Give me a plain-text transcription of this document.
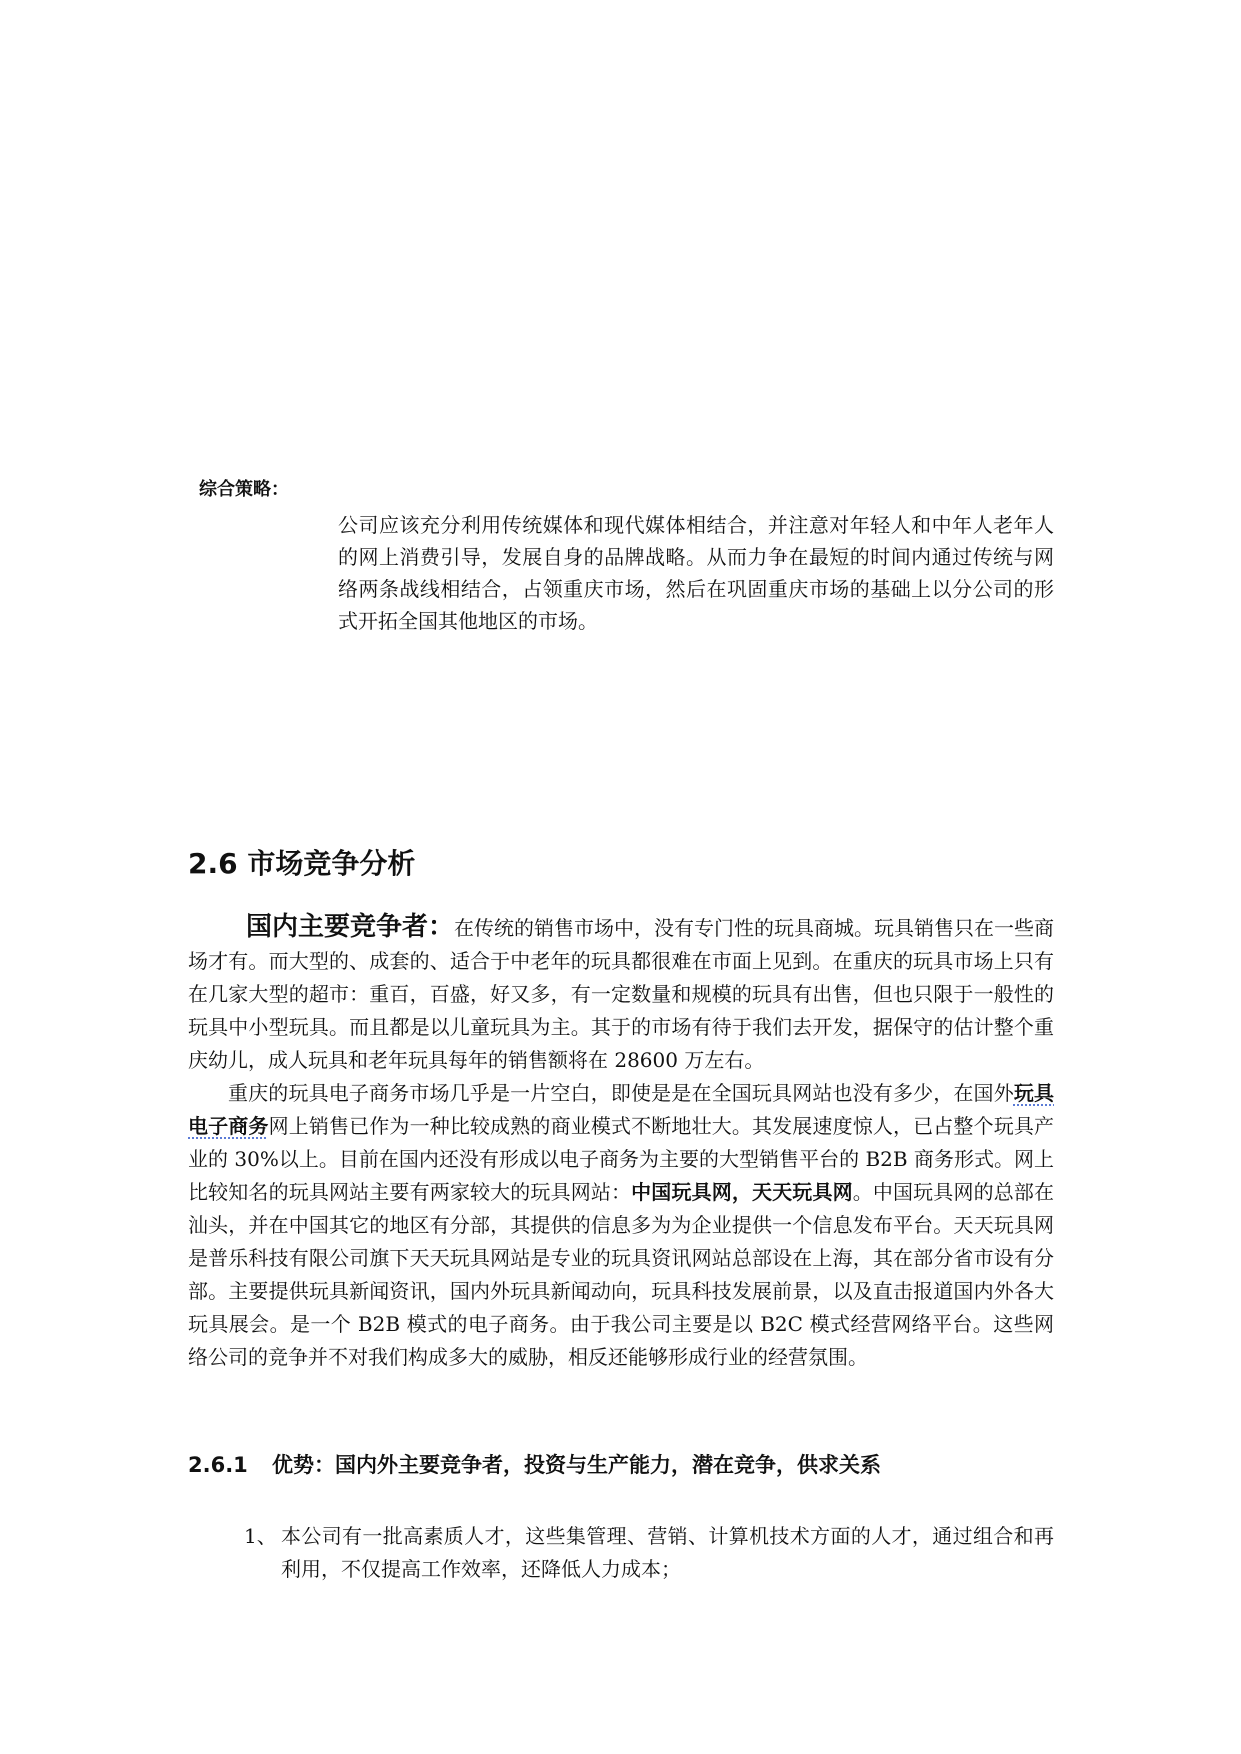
综合策略：
公司应该充分利用传统媒体和现代媒体相结合，并注意对年轻人和中年人老年人的网上消费引导，发展自身的品牌战略。从而力争在最短的时间内通过传统与网络两条战线相结合，占领重庆市场，然后在巩固重庆市场的基础上以分公司的形式开拓全国其他地区的市场。
2.6 市场竞争分析

国内主要竞争者：在传统的销售市场中，没有专门性的玩具商城。玩具销售只在一些商场才有。而大型的、成套的、适合于中老年的玩具都很难在市面上见到。在重庆的玩具市场上只有在几家大型的超市：重百，百盛，好又多，有一定数量和规模的玩具有出售，但也只限于一般性的玩具中小型玩具。而且都是以儿童玩具为主。其于的市场有待于我们去开发，据保守的估计整个重庆幼儿，成人玩具和老年玩具每年的销售额将在 28600 万左右。

重庆的玩具电子商务市场几乎是一片空白，即使是是在全国玩具网站也没有多少，在国外玩具电子商务网上销售已作为一种比较成熟的商业模式不断地壮大。其发展速度惊人，已占整个玩具产业的 30%以上。目前在国内还没有形成以电子商务为主要的大型销售平台的 B2B 商务形式。网上比较知名的玩具网站主要有两家较大的玩具网站：中国玩具网，天天玩具网。中国玩具网的总部在汕头，并在中国其它的地区有分部，其提供的信息多为为企业提供一个信息发布平台。天天玩具网是普乐科技有限公司旗下天天玩具网站是专业的玩具资讯网站总部设在上海，其在部分省市设有分部。主要提供玩具新闻资讯，国内外玩具新闻动向，玩具科技发展前景，以及直击报道国内外各大玩具展会。是一个 B2B 模式的电子商务。由于我公司主要是以 B2C 模式经营网络平台。这些网络公司的竞争并不对我们构成多大的威胁，相反还能够形成行业的经营氛围。

2.6.1 优势：国内外主要竞争者，投资与生产能力，潜在竞争，供求关系
1、 本公司有一批高素质人才，这些集管理、营销、计算机技术方面的人才，通过组合和再利用，不仅提高工作效率，还降低人力成本；
